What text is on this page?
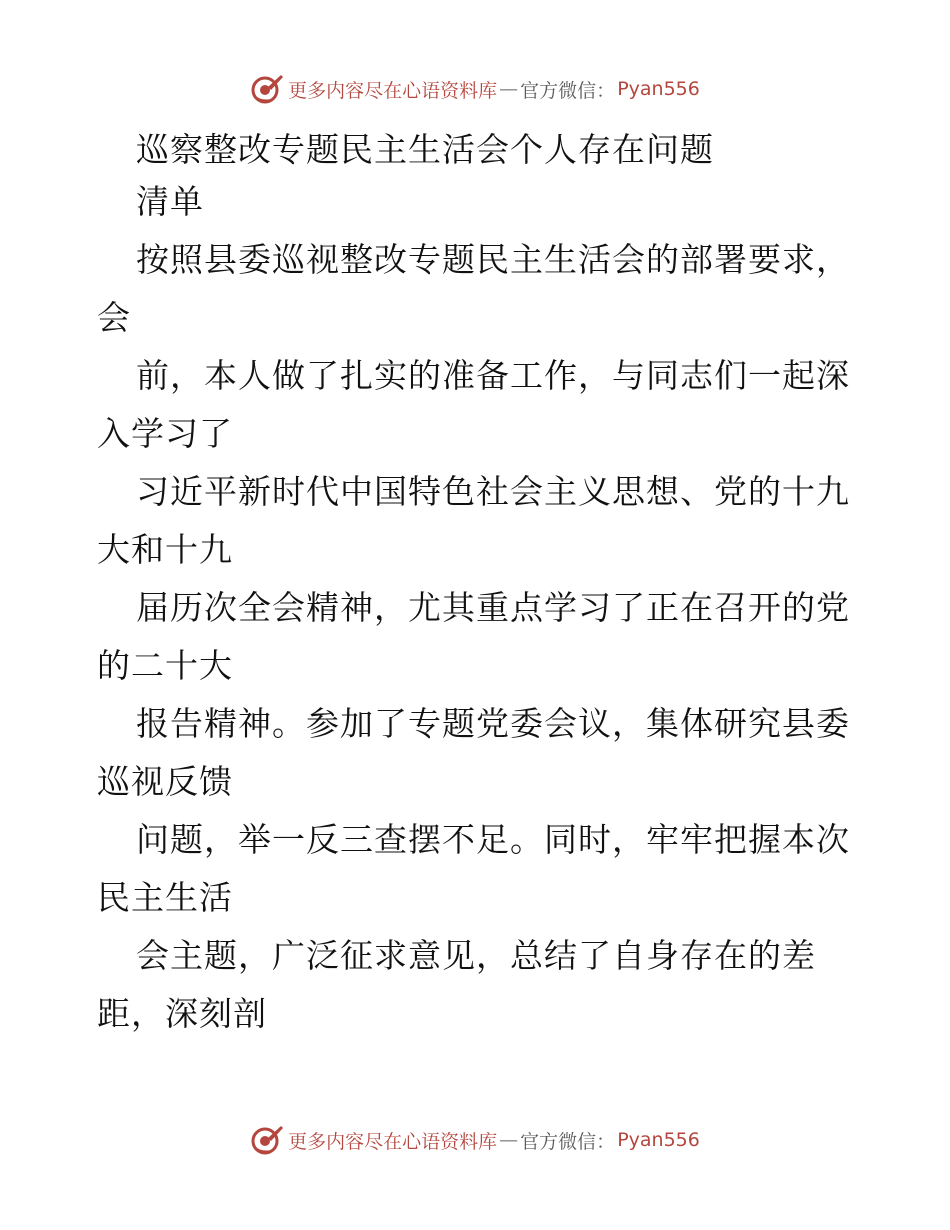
更多内容尽在心语资料库 — 官方微信： Pyan556
巡察整改专题民主生活会个人存在问题
清单
按照县委巡视整改专题民主生活会的部署要求，
会
前，本人做了扎实的准备工作，与同志们一起深
入学习了
习近平新时代中国特色社会主义思想、党的十九
大和十九
届历次全会精神，尤其重点学习了正在召开的党
的二十大
报告精神。参加了专题党委会议，集体研究县委
巡视反馈
问题，举一反三查摆不足。同时，牢牢把握本次
民主生活
会主题，广泛征求意见，总结了自身存在的差
距，深刻剖
更多内容尽在心语资料库 — 官方微信： Pyan556
